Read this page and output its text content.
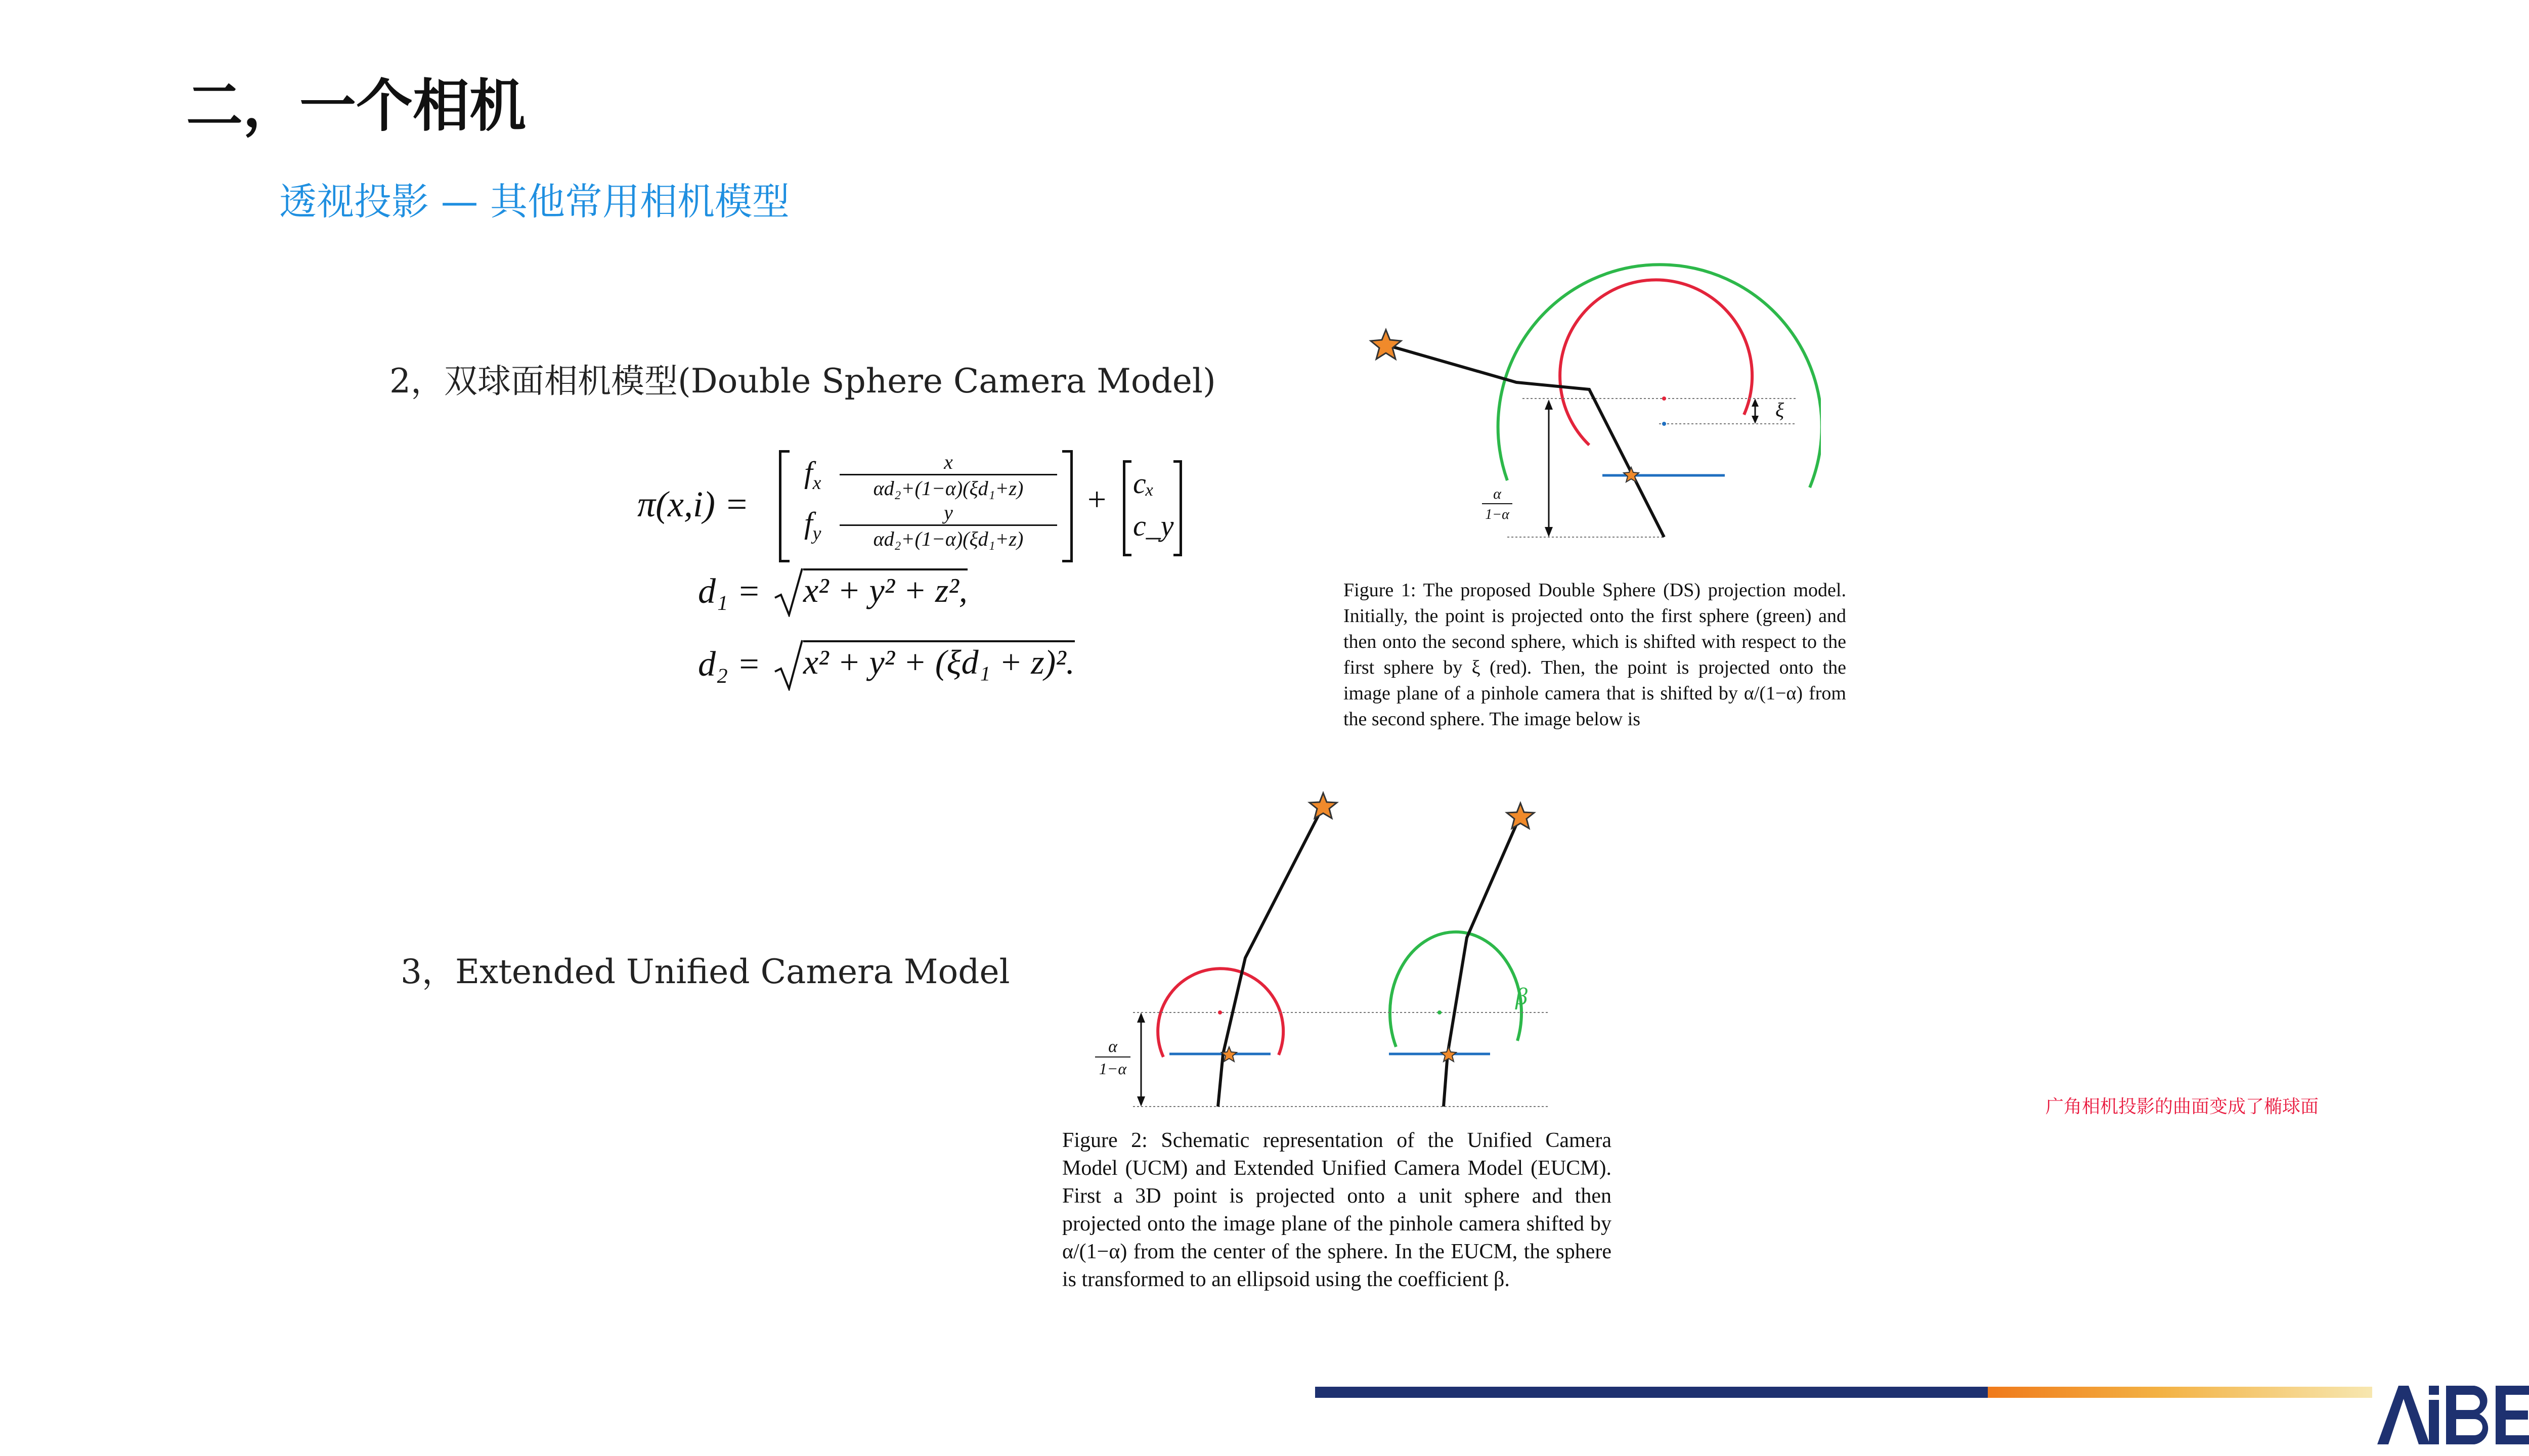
二，一个相机
透视投影 — 其他常用相机模型
2，双球面相机模型(Double Sphere Camera Model)
π(x,i) =
$f_x \frac{x}{\text{αd₂+(1−α)(ξd₁+z)}}$
$f_y \frac{y}{\text{αd₂+(1−α)(ξd₁+z)}}$
+ cₓ
c_y
d₁ = x² + y² + z²,
d₂ = x² + y² + (ξd₁ + z)².
ξ
α
1−α
Figure 1: The proposed Double Sphere (DS) projection model. Initially, the point is projected onto the first sphere (green) and then onto the second sphere, which is shifted with respect to the first sphere by ξ (red). Then, the point is projected onto the image plane of a pinhole camera that is shifted by α/(1−α) from the second sphere. The image below is
3，Extended Unified Camera Model
α
1−α
β
Figure 2: Schematic representation of the Unified Camera Model (UCM) and Extended Unified Camera Model (EUCM). First a 3D point is projected onto a unit sphere and then projected onto the image plane of the pinhole camera shifted by α/(1−α) from the center of the sphere. In the EUCM, the sphere is transformed to an ellipsoid using the coefficient β.
广角相机投影的曲面变成了椭球面
AiBEE
